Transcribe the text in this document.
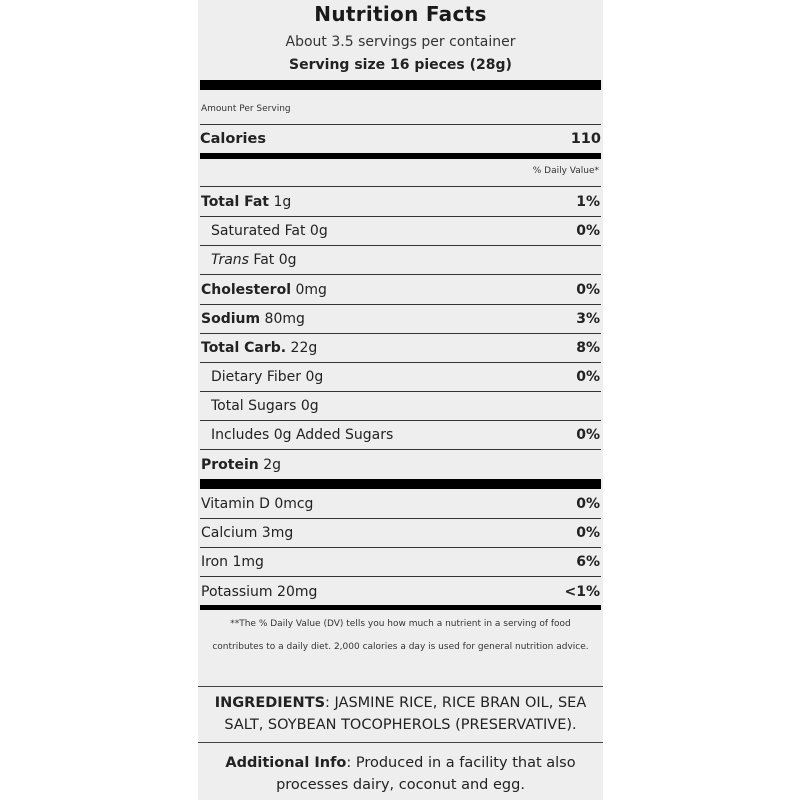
Nutrition Facts
About 3.5 servings per container
Serving size 16 pieces (28g)
Amount Per Serving
Calories	110
% Daily Value*
Total Fat 1g	1%
Saturated Fat 0g	0%
Trans Fat 0g
Cholesterol 0mg	0%
Sodium 80mg	3%
Total Carb. 22g	8%
Dietary Fiber 0g	0%
Total Sugars 0g
Includes 0g Added Sugars	0%
Protein 2g
Vitamin D 0mcg	0%
Calcium 3mg	0%
Iron 1mg	6%
Potassium 20mg	<1%
**The % Daily Value (DV) tells you how much a nutrient in a serving of food contributes to a daily diet. 2,000 calories a day is used for general nutrition advice.
INGREDIENTS: JASMINE RICE, RICE BRAN OIL, SEA SALT, SOYBEAN TOCOPHEROLS (PRESERVATIVE).
Additional Info: Produced in a facility that also processes dairy, coconut and egg.
